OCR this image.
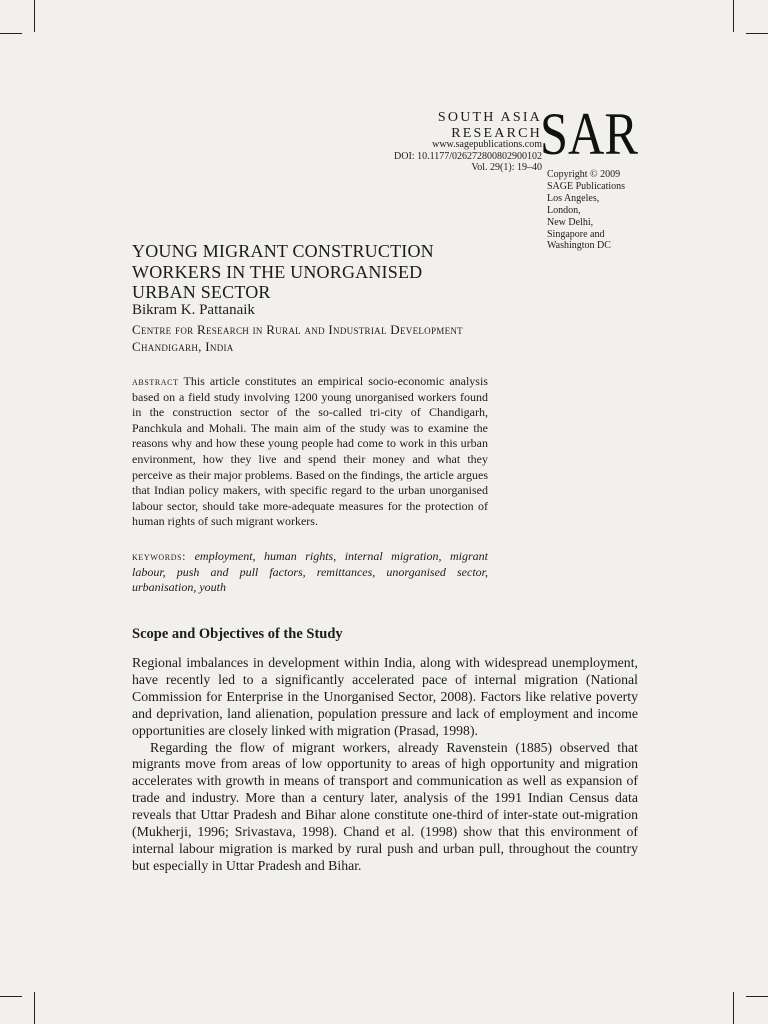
SOUTH ASIA
RESEARCH
www.sagepublications.com
DOI: 10.1177/026272800802900102
Vol. 29(1): 19–40
SAR
Copyright © 2009
SAGE Publications
Los Angeles,
London,
New Delhi,
Singapore and
Washington DC
YOUNG MIGRANT CONSTRUCTION
WORKERS IN THE UNORGANISED
URBAN SECTOR
Bikram K. Pattanaik
Centre for Research in Rural and Industrial Development
Chandigarh, India
abstract This article constitutes an empirical socio-economic analysis based on a field study involving 1200 young unorganised workers found in the construction sector of the so-called tri-city of Chandigarh, Panchkula and Mohali. The main aim of the study was to examine the reasons why and how these young people had come to work in this urban environment, how they live and spend their money and what they perceive as their major problems. Based on the findings, the article argues that Indian policy makers, with specific regard to the urban unorganised labour sector, should take more-adequate measures for the protection of human rights of such migrant workers.
keywords: employment, human rights, internal migration, migrant labour, push and pull factors, remittances, unorganised sector, urbanisation, youth
Scope and Objectives of the Study

Regional imbalances in development within India, along with widespread unemployment, have recently led to a significantly accelerated pace of internal migration (National Commission for Enterprise in the Unorganised Sector, 2008). Factors like relative poverty and deprivation, land alienation, population pressure and lack of employment and income opportunities are closely linked with migration (Prasad, 1998).

Regarding the flow of migrant workers, already Ravenstein (1885) observed that migrants move from areas of low opportunity to areas of high opportunity and migration accelerates with growth in means of transport and communication as well as expansion of trade and industry. More than a century later, analysis of the 1991 Indian Census data reveals that Uttar Pradesh and Bihar alone constitute one-third of inter-state out-migration (Mukherji, 1996; Srivastava, 1998). Chand et al. (1998) show that this environment of internal labour migration is marked by rural push and urban pull, throughout the country but especially in Uttar Pradesh and Bihar.
